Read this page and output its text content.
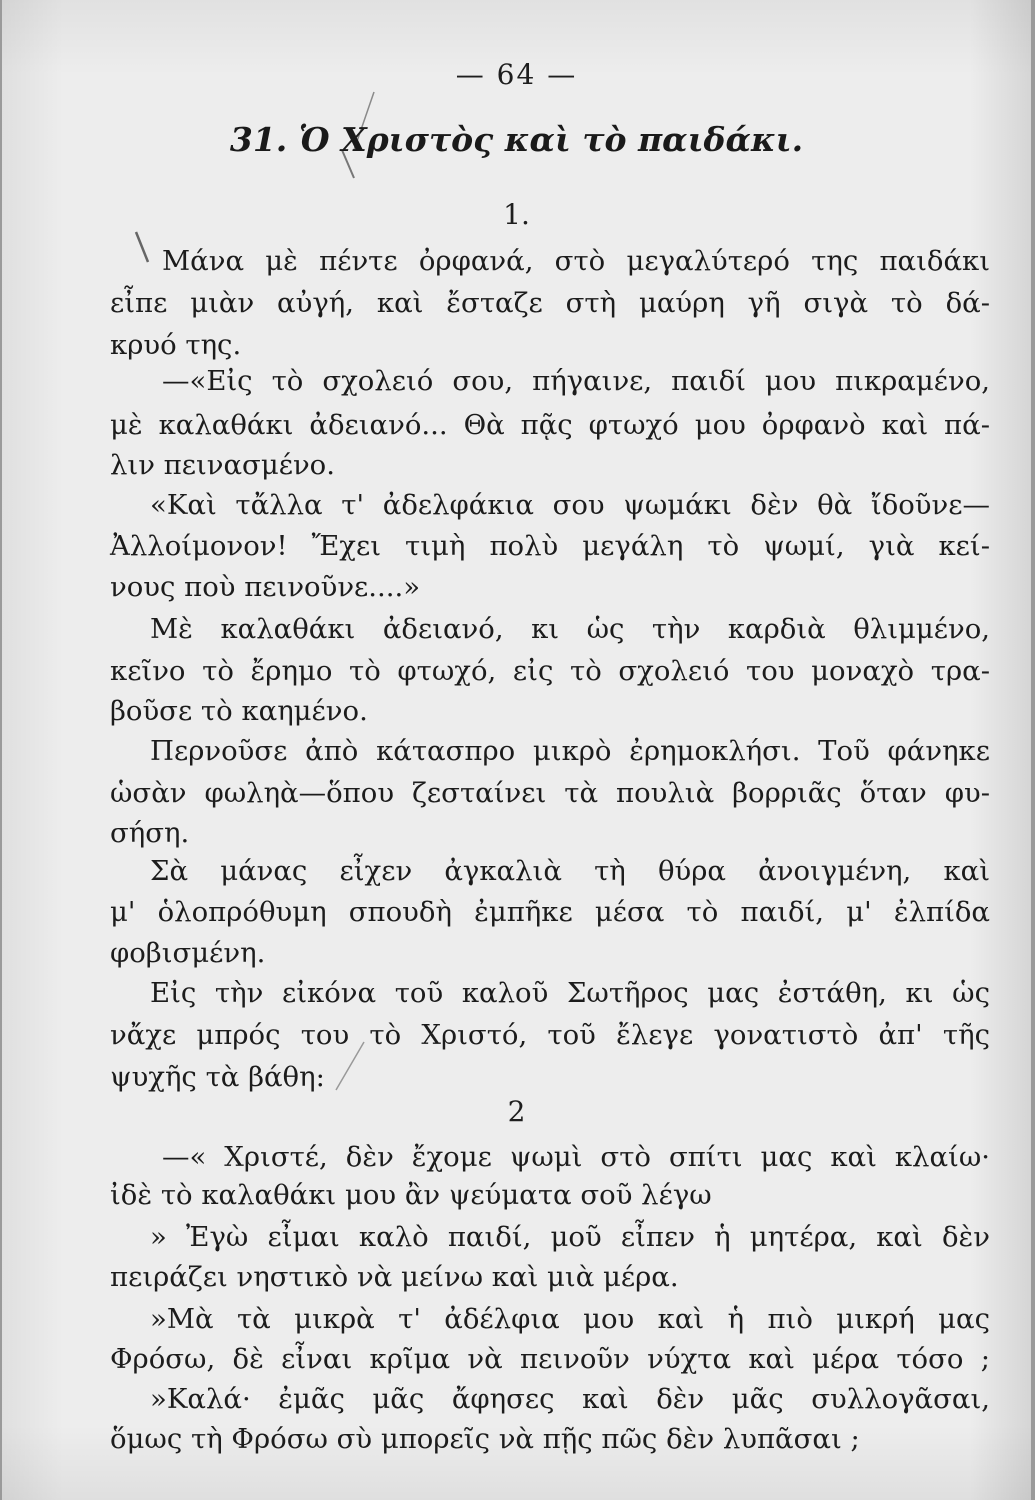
— 64 —
31. Ὁ Χριστὸς καὶ τὸ παιδάκι.
1.
Μάνα μὲ πέντε ὀρφανά, στὸ μεγαλύτερό της παιδάκι
εἶπε μιὰν αὐγή, καὶ ἔσταζε στὴ μαύρη γῆ σιγὰ τὸ δά-
κρυό της.
—«Εἰς τὸ σχολειό σου, πήγαινε, παιδί μου πικραμένο,
μὲ καλαθάκι ἀδειανό... Θὰ πᾷς φτωχό μου ὀρφανὸ καὶ πά-
λιν πεινασμένο.
«Καὶ τἄλλα τ' ἀδελφάκια σου ψωμάκι δὲν θὰ ἴδοῦνε—
Ἀλλοίμονον! Ἔχει τιμὴ πολὺ μεγάλη τὸ ψωμί, γιὰ κεί-
νους ποὺ πεινοῦνε....»
Μὲ καλαθάκι ἀδειανό, κι ὡς τὴν καρδιὰ θλιμμένο,
κεῖνο τὸ ἔρημο τὸ φτωχό, εἰς τὸ σχολειό του μοναχὸ τρα-
βοῦσε τὸ καημένο.
Περνοῦσε ἀπὸ κάτασπρο μικρὸ ἐρημοκλήσι. Τοῦ φάνηκε
ὡσὰν φωληὰ—ὅπου ζεσταίνει τὰ πουλιὰ βορριᾶς ὅταν φυ-
σήση.
Σὰ μάνας εἶχεν ἀγκαλιὰ τὴ θύρα ἀνοιγμένη, καὶ
μ' ὁλοπρόθυμη σπουδὴ ἐμπῆκε μέσα τὸ παιδί, μ' ἐλπίδα
φοβισμένη.
Εἰς τὴν εἰκόνα τοῦ καλοῦ Σωτῆρος μας ἐστάθη, κι ὡς
νἄχε μπρός του τὸ Χριστό, τοῦ ἔλεγε γονατιστὸ ἀπ' τῆς
ψυχῆς τὰ βάθη:
2
—« Χριστέ, δὲν ἔχομε ψωμὶ στὸ σπίτι μας καὶ κλαίω·
ἰδὲ τὸ καλαθάκι μου ἂν ψεύματα σοῦ λέγω
» Ἐγὼ εἶμαι καλὸ παιδί, μοῦ εἶπεν ἡ μητέρα, καὶ δὲν
πειράζει νηστικὸ νὰ μείνω καὶ μιὰ μέρα.
»Μὰ τὰ μικρὰ τ' ἀδέλφια μου καὶ ἡ πιὸ μικρή μας
Φρόσω, δὲ εἶναι κρῖμα νὰ πεινοῦν νύχτα καὶ μέρα τόσο ;
»Καλά· ἐμᾶς μᾶς ἄφησες καὶ δὲν μᾶς συλλογᾶσαι,
ὅμως τὴ Φρόσω σὺ μπορεῖς νὰ πῇς πῶς δὲν λυπᾶσαι ;
